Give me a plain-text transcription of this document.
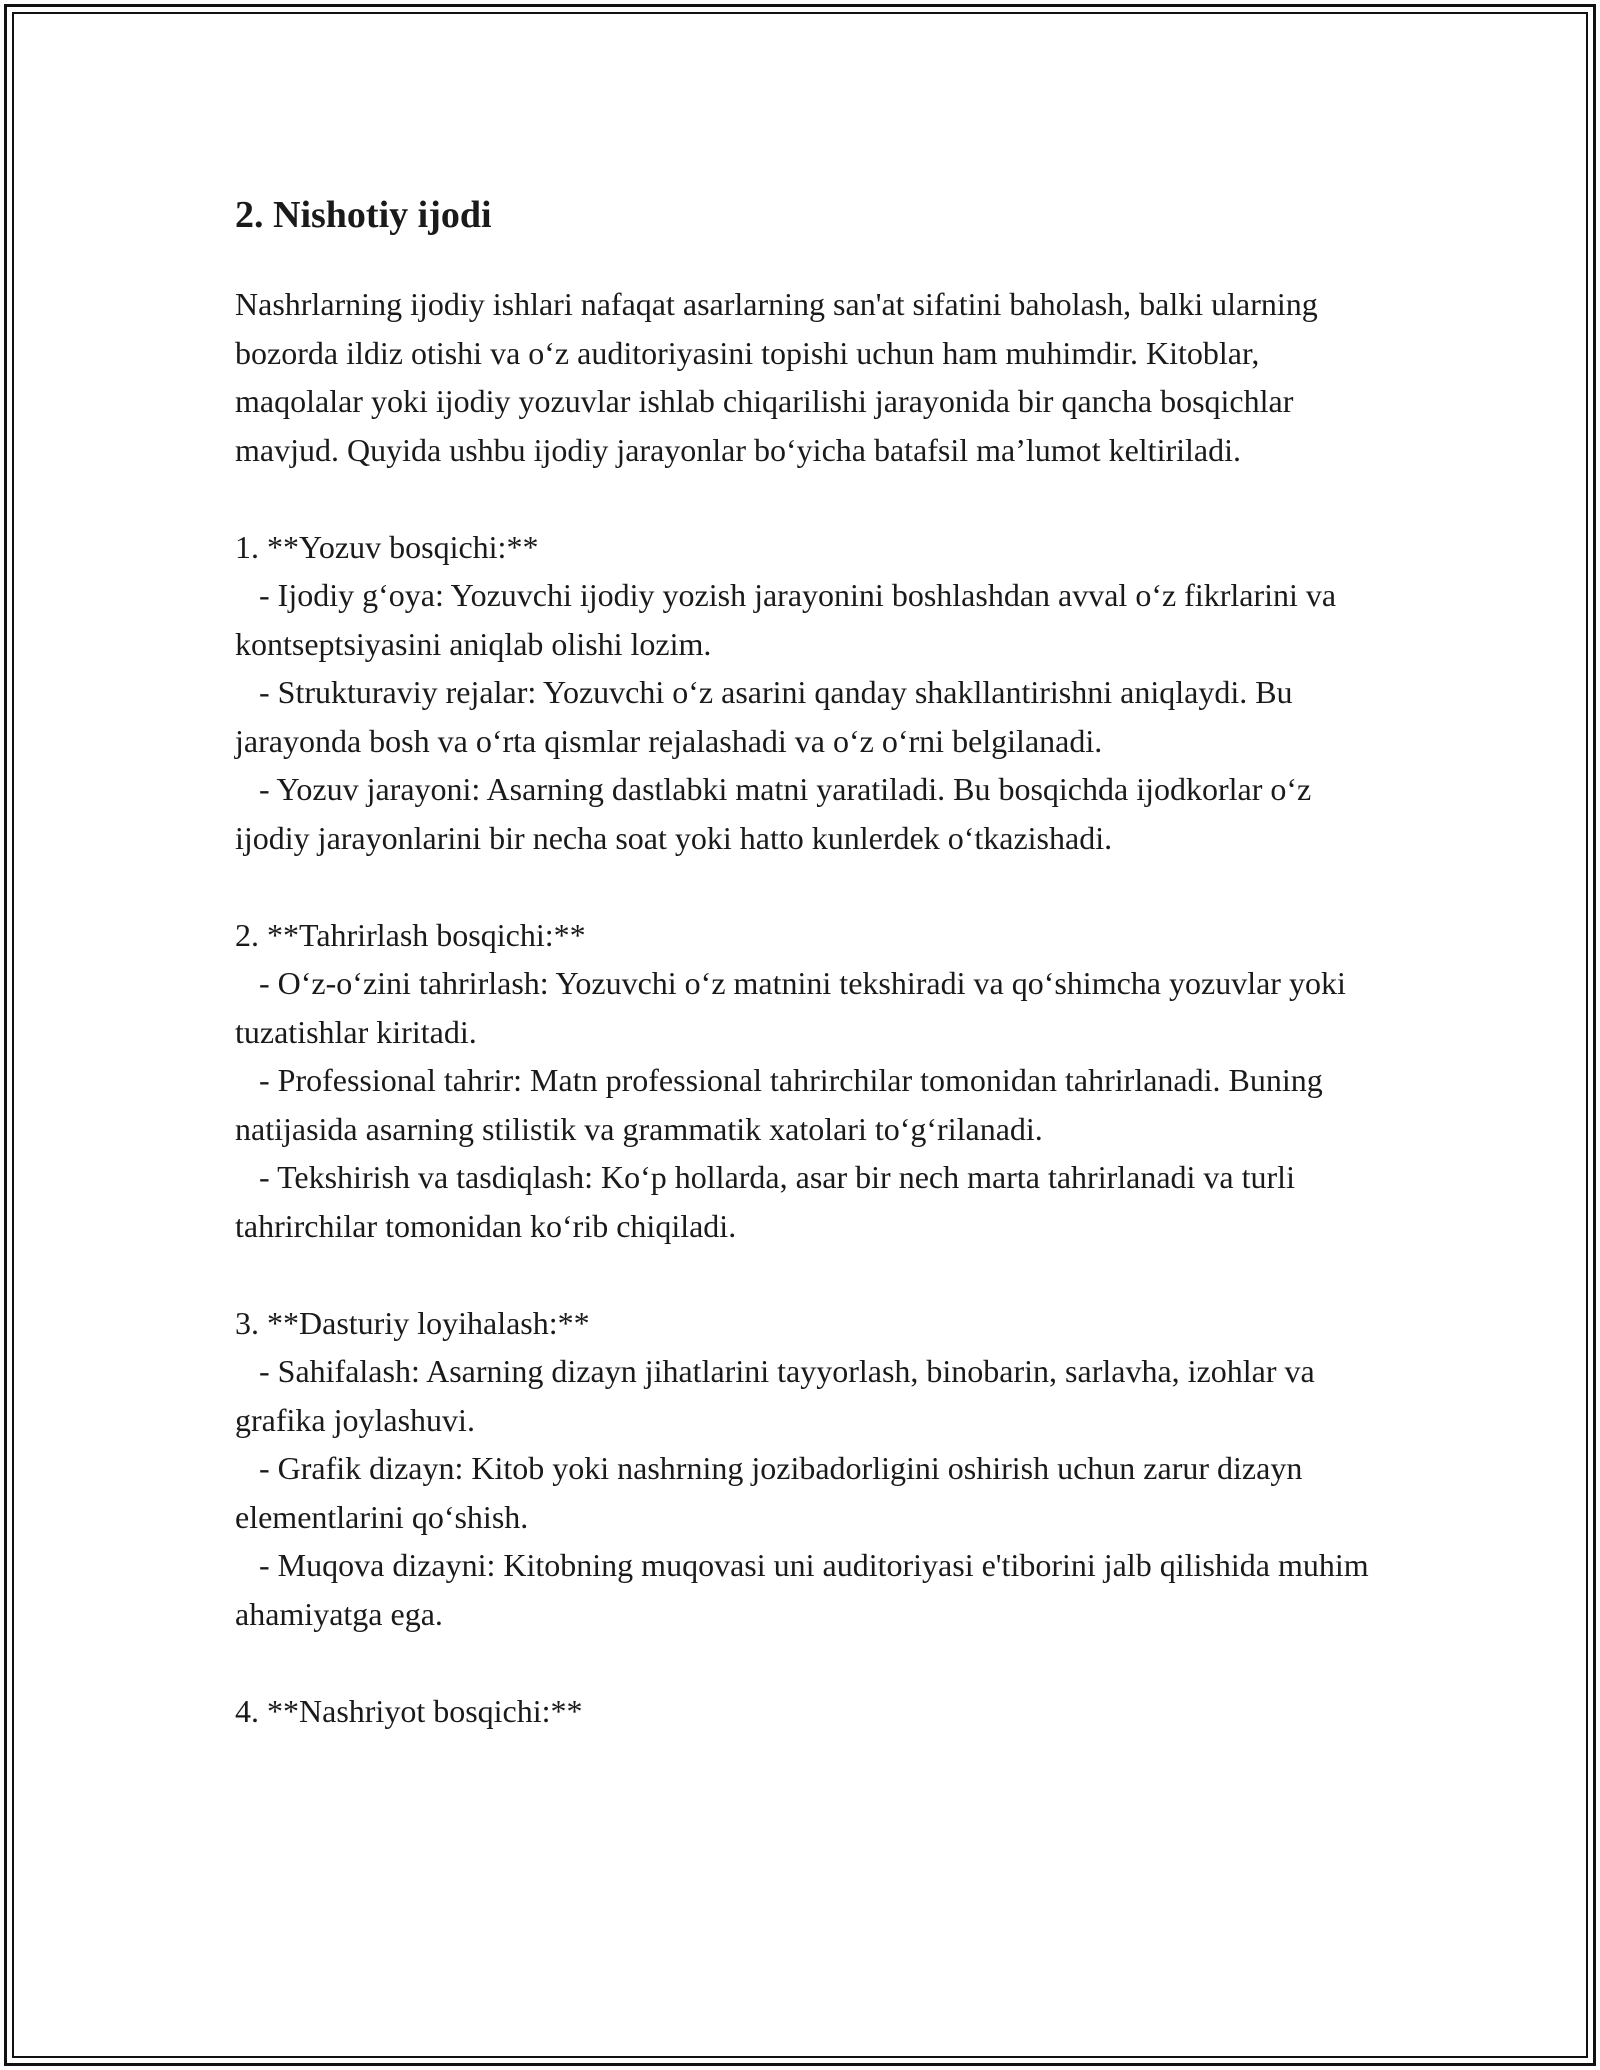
2. Nishotiy ijodi

Nashrlarning ijodiy ishlari nafaqat asarlarning san'at sifatini baholash, balki ularning bozorda ildiz otishi va o‘z auditoriyasini topishi uchun ham muhimdir. Kitoblar, maqolalar yoki ijodiy yozuvlar ishlab chiqarilishi jarayonida bir qancha bosqichlar mavjud. Quyida ushbu ijodiy jarayonlar bo‘yicha batafsil ma’lumot keltiriladi.

1. **Yozuv bosqichi:**
- Ijodiy g‘oya: Yozuvchi ijodiy yozish jarayonini boshlashdan avval o‘z fikrlarini va kontseptsiyasini aniqlab olishi lozim.
- Strukturaviy rejalar: Yozuvchi o‘z asarini qanday shakllantirishni aniqlaydi. Bu jarayonda bosh va o‘rta qismlar rejalashadi va o‘z o‘rni belgilanadi.
- Yozuv jarayoni: Asarning dastlabki matni yaratiladi. Bu bosqichda ijodkorlar o‘z ijodiy jarayonlarini bir necha soat yoki hatto kunlerdek o‘tkazishadi.
2. **Tahrirlash bosqichi:**
- O‘z-o‘zini tahrirlash: Yozuvchi o‘z matnini tekshiradi va qo‘shimcha yozuvlar yoki tuzatishlar kiritadi.
- Professional tahrir: Matn professional tahrirchilar tomonidan tahrirlanadi. Buning natijasida asarning stilistik va grammatik xatolari to‘g‘rilanadi.
- Tekshirish va tasdiqlash: Ko‘p hollarda, asar bir nech marta tahrirlanadi va turli tahrirchilar tomonidan ko‘rib chiqiladi.
3. **Dasturiy loyihalash:**
- Sahifalash: Asarning dizayn jihatlarini tayyorlash, binobarin, sarlavha, izohlar va grafika joylashuvi.
- Grafik dizayn: Kitob yoki nashrning jozibadorligini oshirish uchun zarur dizayn elementlarini qo‘shish.
- Muqova dizayni: Kitobning muqovasi uni auditoriyasi e'tiborini jalb qilishida muhim ahamiyatga ega.
4. **Nashriyot bosqichi:**
